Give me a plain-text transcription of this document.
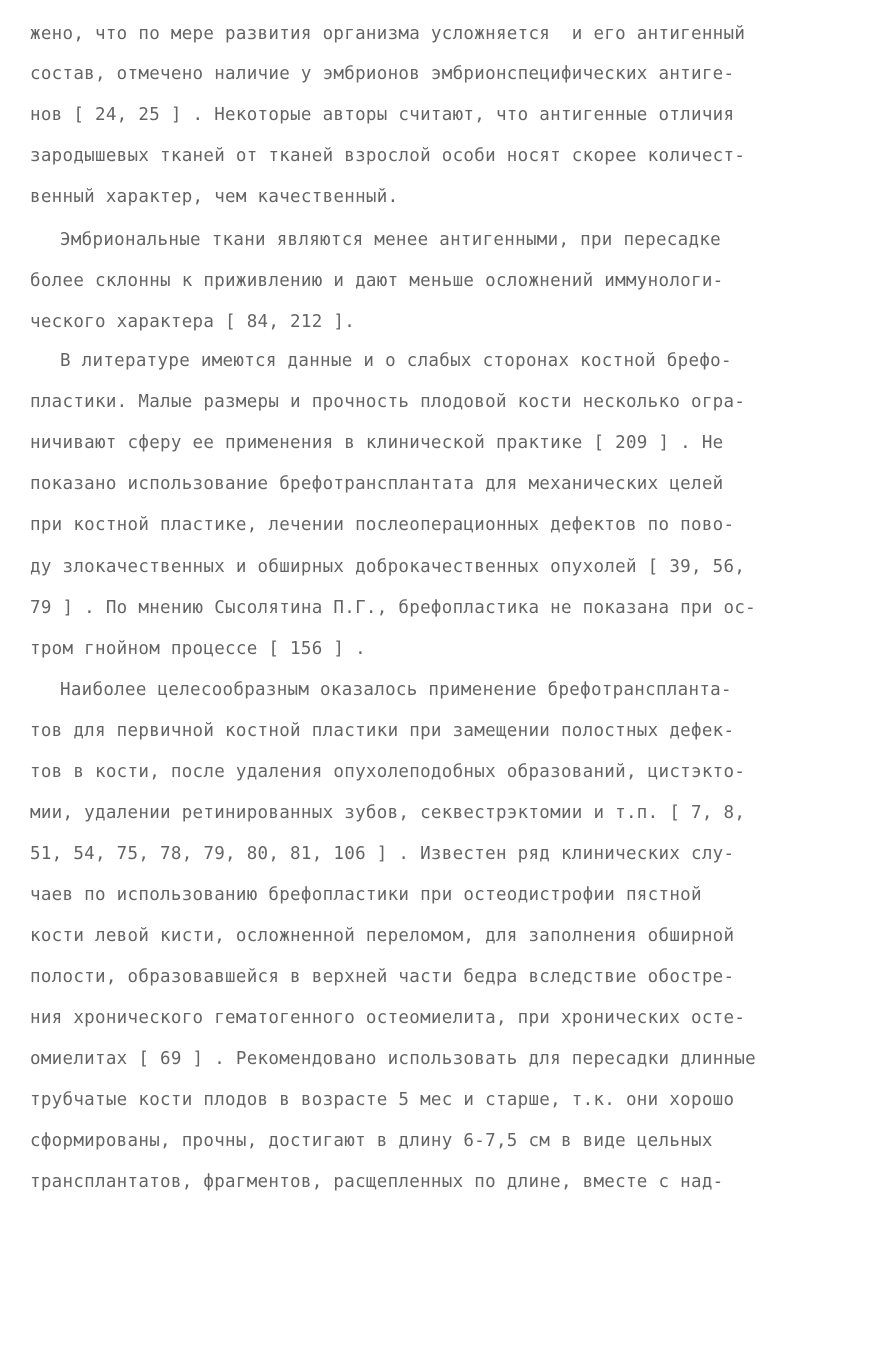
жено, что по мере развития организма усложняется  и его антигенный
состав, отмечено наличие у эмбрионов эмбрионспецифических антиге-
нов [ 24, 25 ] . Некоторые авторы считают, что антигенные отличия
зародышевых тканей от тканей взрослой особи носят скорее количест-
венный характер, чем качественный.
Эмбриональные ткани являются менее антигенными, при пересадке
более склонны к приживлению и дают меньше осложнений иммунологи-
ческого характера [ 84, 212 ].
В литературе имеются данные и о слабых сторонах костной брефо-
пластики. Малые размеры и прочность плодовой кости несколько огра-
ничивают сферу ее применения в клинической практике [ 209 ] . Не
показано использование брефотрансплантата для механических целей
при костной пластике, лечении послеоперационных дефектов по пово-
ду злокачественных и обширных доброкачественных опухолей [ 39, 56,
79 ] . По мнению Сысолятина П.Г., брефопластика не показана при ос-
тром гнойном процессе [ 156 ] .
Наиболее целесообразным оказалось применение брефотранспланта-
тов для первичной костной пластики при замещении полостных дефек-
тов в кости, после удаления опухолеподобных образований, цистэкто-
мии, удалении ретинированных зубов, секвестрэктомии и т.п. [ 7, 8,
51, 54, 75, 78, 79, 80, 81, 106 ] . Известен ряд клинических слу-
чаев по использованию брефопластики при остеодистрофии пястной
кости левой кисти, осложненной переломом, для заполнения обширной
полости, образовавшейся в верхней части бедра вследствие обостре-
ния хронического гематогенного остеомиелита, при хронических осте-
омиелитах [ 69 ] . Рекомендовано использовать для пересадки длинные
трубчатые кости плодов в возрасте 5 мес и старше, т.к. они хорошо
сформированы, прочны, достигают в длину 6-7,5 см в виде цельных
трансплантатов, фрагментов, расщепленных по длине, вместе с над-
